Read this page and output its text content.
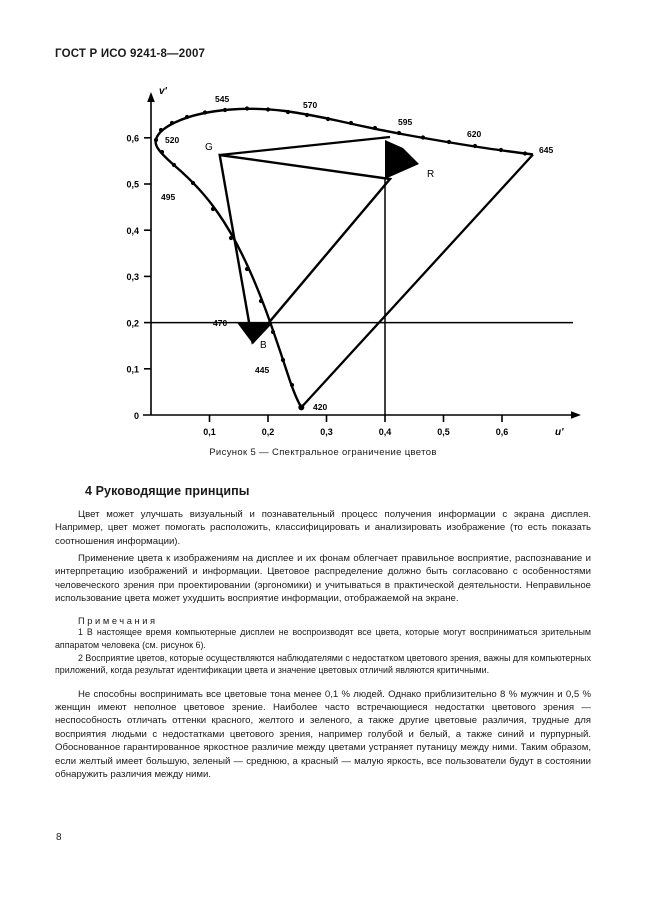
ГОСТ Р ИСО 9241-8—2007
0
0,1
0,2
0,3
0,4
0,5
0,6
0,1	0,2	0,3	0,4	0,5	0,6
420
445
470
495
520
545
570
595
620
645
G
B
R
v'
u'
Рисунок 5 — Спектральное ограничение цветов
4 Руководящие принципы

Цвет может улучшать визуальный и познавательный процесс получения информации с экрана дисплея. Например, цвет может помогать расположить, классифицировать и анализировать изображение (то есть показать соотношения информации).

Применение цвета к изображениям на дисплее и их фонам облегчает правильное восприятие, распознавание и интерпретацию изображений и информации. Цветовое распределение должно быть согласовано с особенностями человеческого зрения при проектировании (эргономики) и учитываться в практической деятельности. Неправильное использование цвета может ухудшить восприятие информации, отображаемой на экране.

Примечания

1 В настоящее время компьютерные дисплеи не воспроизводят все цвета, которые могут восприниматься зрительным аппаратом человека (см. рисунок 6).

2 Восприятие цветов, которые осуществляются наблюдателями с недостатком цветового зрения, важны для компьютерных приложений, когда результат идентификации цвета и значение цветовых отличий являются критичными.

Не способны воспринимать все цветовые тона менее 0,1 % людей. Однако приблизительно 8 % мужчин и 0,5 % женщин имеют неполное цветовое зрение. Наиболее часто встречающиеся недостатки цветового зрения — неспособность отличать оттенки красного, желтого и зеленого, а также другие цветовые различия, трудные для восприятия людьми с недостатками цветового зрения, например голубой и белый, а также синий и пурпурный. Обоснованное гарантированное яркостное различие между цветами устраняет путаницу между ними. Таким образом, если желтый имеет большую, зеленый — среднюю, а красный — малую яркость, все пользователи будут в состоянии обнаружить различия между ними.

8
